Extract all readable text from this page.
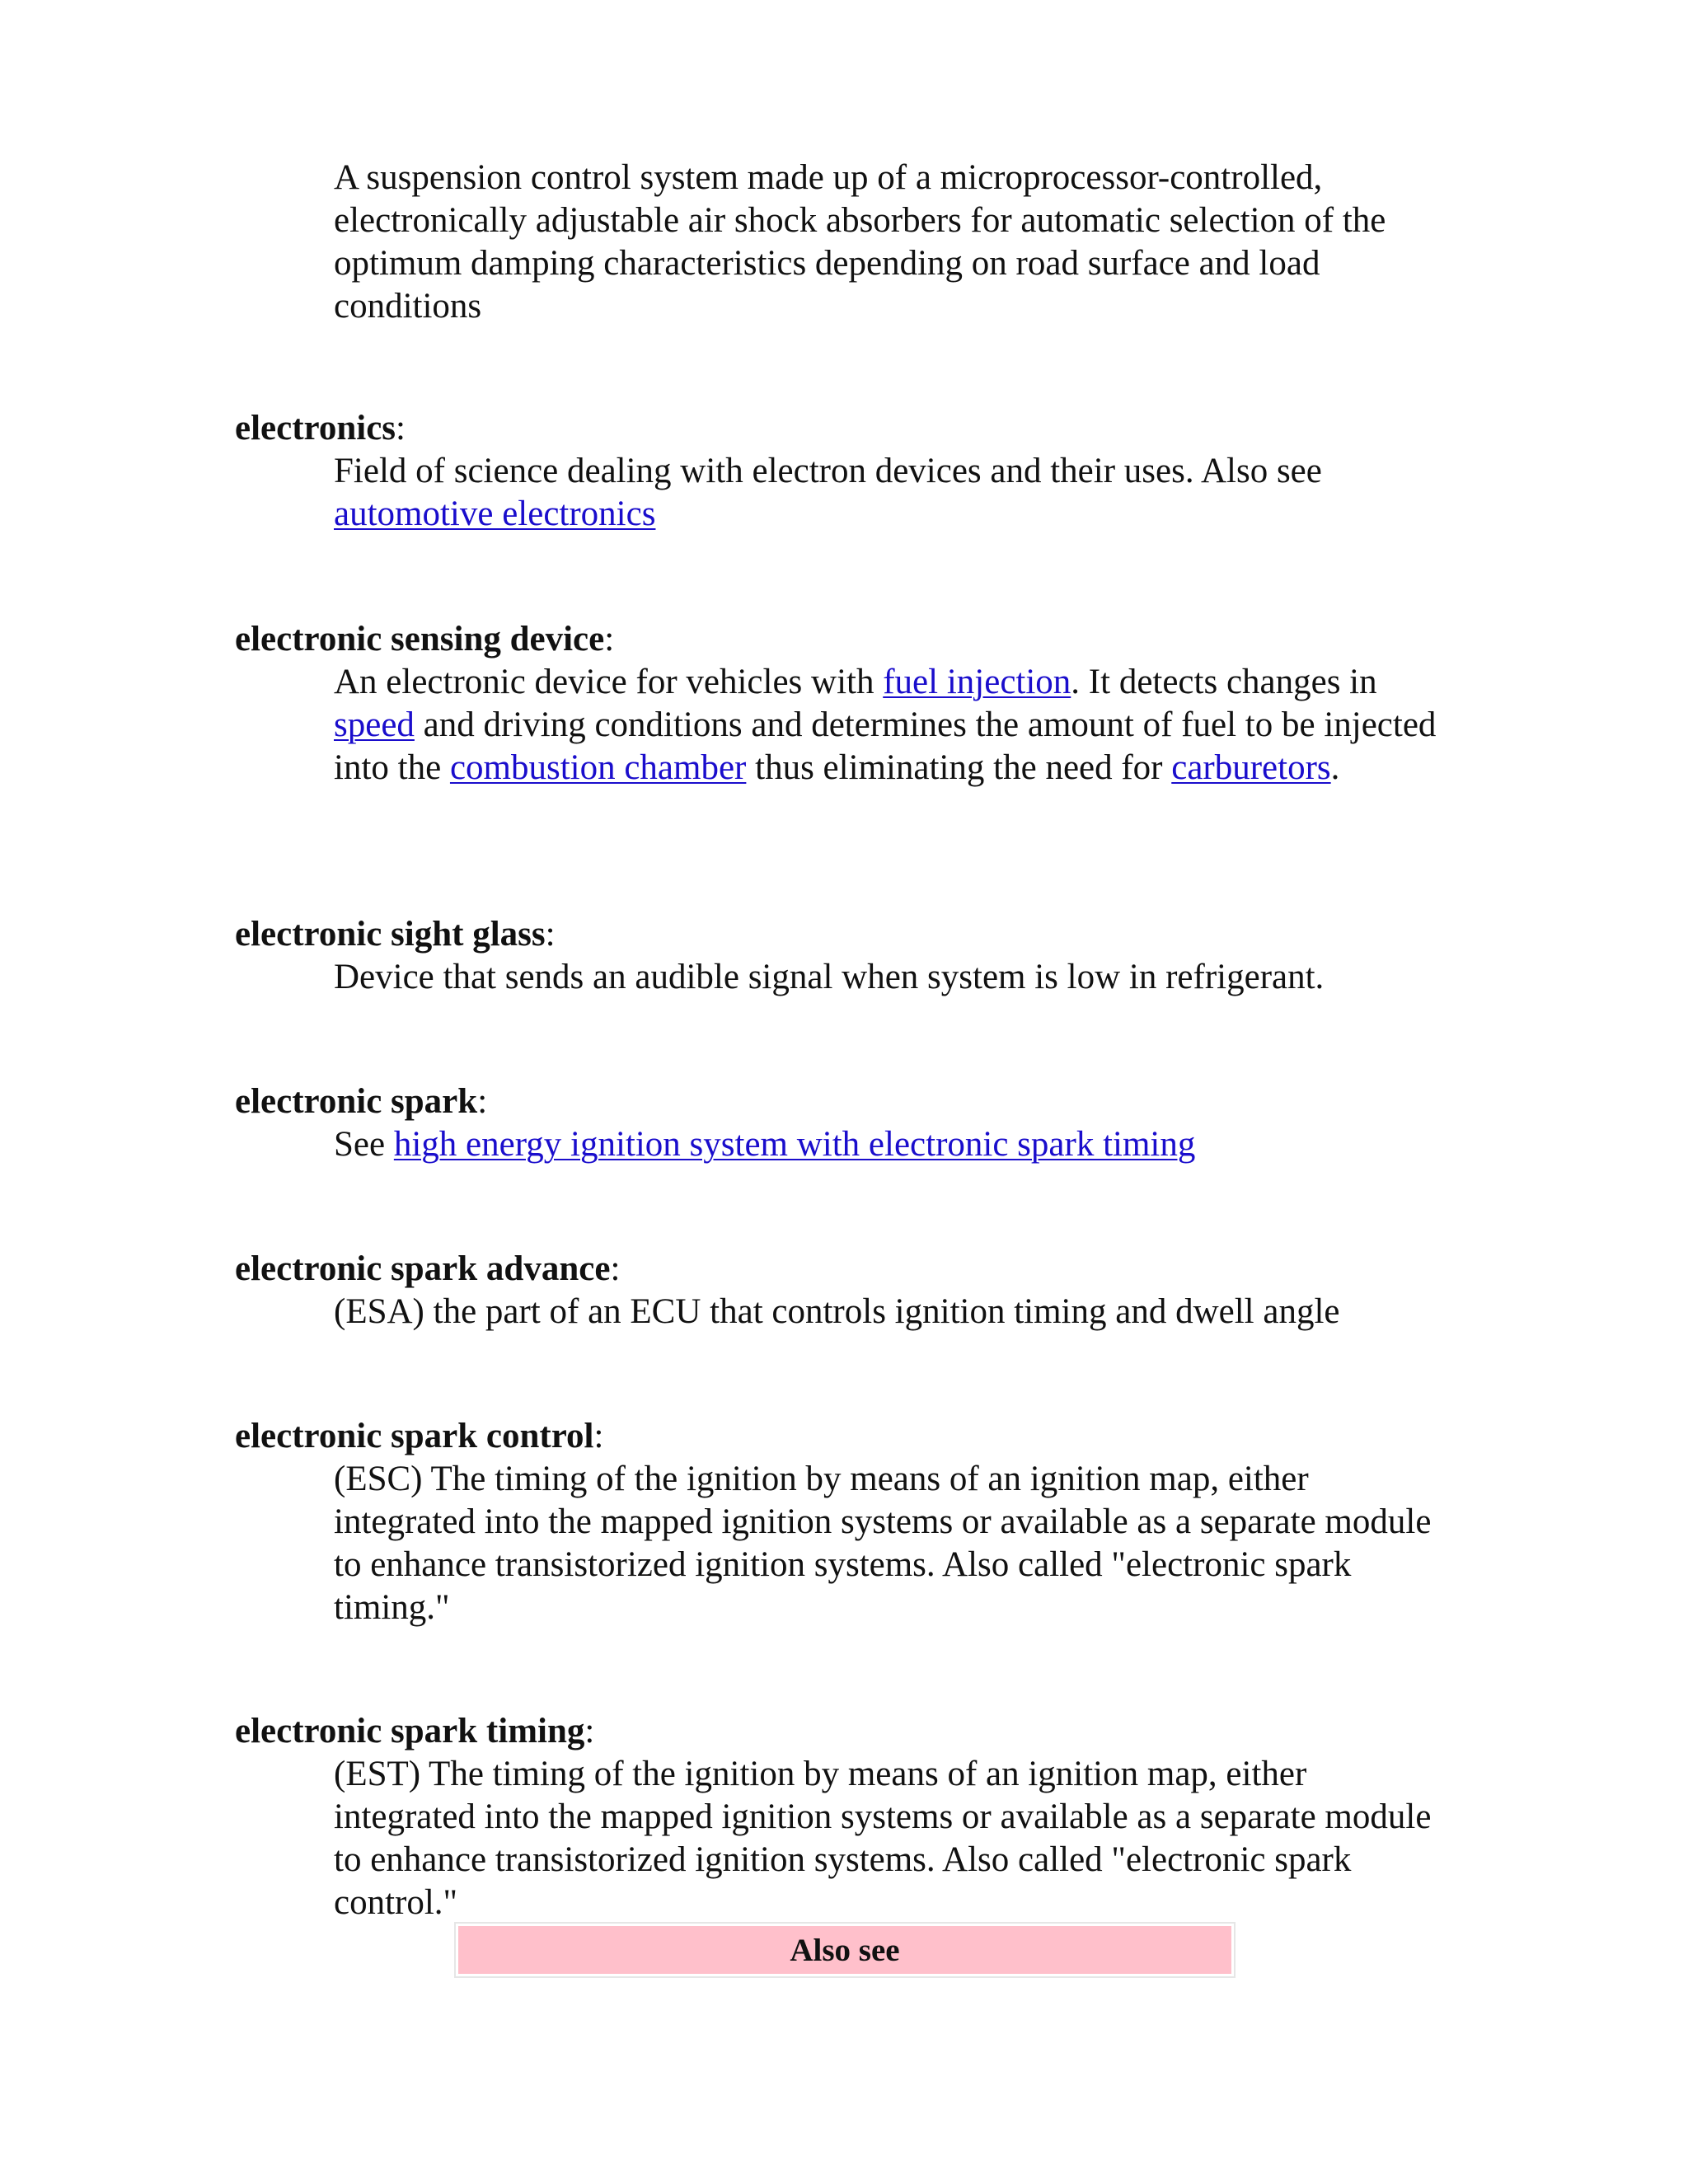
A suspension control system made up of a microprocessor-controlled, electronically adjustable air shock absorbers for automatic selection of the optimum damping characteristics depending on road surface and load conditions
electronics:
Field of science dealing with electron devices and their uses. Also see automotive electronics
electronic sensing device:
An electronic device for vehicles with fuel injection. It detects changes in speed and driving conditions and determines the amount of fuel to be injected into the combustion chamber thus eliminating the need for carburetors.
electronic sight glass:
Device that sends an audible signal when system is low in refrigerant.
electronic spark:
See high energy ignition system with electronic spark timing
electronic spark advance:
(ESA) the part of an ECU that controls ignition timing and dwell angle
electronic spark control:
(ESC) The timing of the ignition by means of an ignition map, either integrated into the mapped ignition systems or available as a separate module to enhance transistorized ignition systems. Also called "electronic spark timing."
electronic spark timing:
(EST) The timing of the ignition by means of an ignition map, either integrated into the mapped ignition systems or available as a separate module to enhance transistorized ignition systems. Also called "electronic spark control."
Also see
